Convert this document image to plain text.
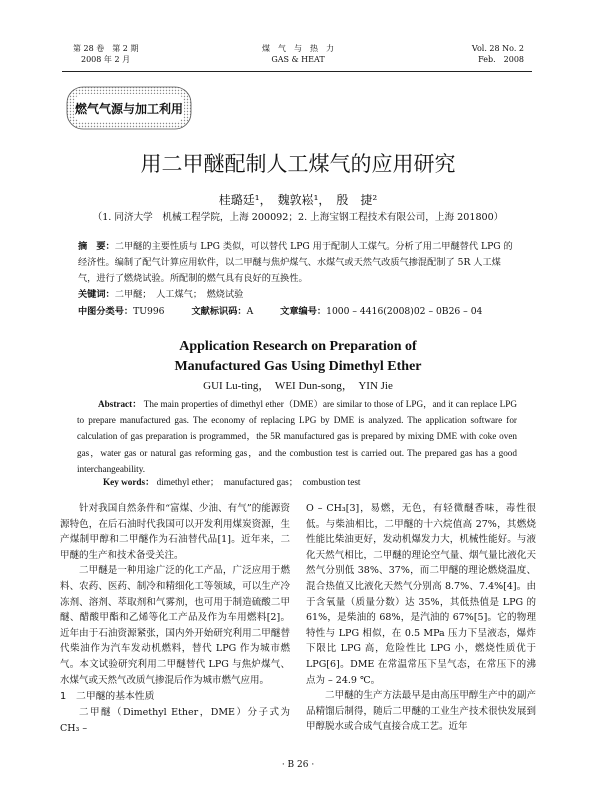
第 28 卷　第 2 期
2008 年 2 月
煤　气　与　热　力
GAS & HEAT
Vol. 28 No. 2
Feb.　2008
燃气气源与加工利用
用二甲醚配制人工煤气的应用研究
桂璐廷¹，　魏敦崧¹，　殷　捷²
（1. 同济大学　机械工程学院，上海 200092；2. 上海宝钢工程技术有限公司，上海 201800）
摘　要：二甲醚的主要性质与 LPG 类似，可以替代 LPG 用于配制人工煤气。分析了用二甲醚替代 LPG 的经济性。编制了配气计算应用软件，以二甲醚与焦炉煤气、水煤气或天然气改质气掺混配制了 5R 人工煤气，进行了燃烧试验。所配制的燃气具有良好的互换性。
关键词：二甲醚；　人工煤气；　燃烧试验
中图分类号：TU996	文献标识码：A	文章编号：1000 – 4416(2008)02 – 0B26 – 04
Application Research on Preparation of Manufactured Gas Using Dimethyl Ether
GUI Lu-ting，　WEI Dun-song，　YIN Jie
Abstract： The main properties of dimethyl ether（DME）are similar to those of LPG，and it can replace LPG to prepare manufactured gas. The economy of replacing LPG by DME is analyzed. The application software for calculation of gas preparation is programmed，the 5R manufactured gas is prepared by mixing DME with coke oven gas，water gas or natural gas reforming gas，and the combustion test is carried out. The prepared gas has a good interchangeability.
Key words： dimethyl ether；　manufactured gas；　combustion test

针对我国自然条件和“富煤、少油、有气”的能源资源特色，在后石油时代我国可以开发利用煤炭资源，生产煤制甲醇和二甲醚作为石油替代品[1]。近年来，二甲醚的生产和技术备受关注。

二甲醚是一种用途广泛的化工产品，广泛应用于燃料、农药、医药、制冷和精细化工等领域，可以生产冷冻剂、溶剂、萃取剂和气雾剂，也可用于制造硫酸二甲醚、醋酸甲酯和乙烯等化工产品及作为车用燃料[2]。近年由于石油资源紧张，国内外开始研究利用二甲醚替代柴油作为汽车发动机燃料，替代 LPG 作为城市燃气。本文试验研究利用二甲醚替代 LPG 与焦炉煤气、水煤气或天然气改质气掺混后作为城市燃气应用。

1　二甲醚的基本性质

二甲醚（Dimethyl Ether，DME）分子式为 CH₃ –

O – CH₃[3]，易燃，无色，有轻微醚香味，毒性很低。与柴油相比，二甲醚的十六烷值高 27%，其燃烧性能比柴油更好，发动机爆发力大，机械性能好。与液化天然气相比，二甲醚的理论空气量、烟气量比液化天然气分别低 38%、37%，而二甲醚的理论燃烧温度、混合热值又比液化天然气分别高 8.7%、7.4%[4]。由于含氧量（质量分数）达 35%，其低热值是 LPG 的 61%，是柴油的 68%，是汽油的 67%[5]。它的物理特性与 LPG 相似，在 0.5 MPa 压力下呈液态，爆炸下限比 LPG 高，危险性比 LPG 小，燃烧性质优于 LPG[6]。DME 在常温常压下呈气态，在常压下的沸点为 – 24.9 ℃。

二甲醚的生产方法最早是由高压甲醇生产中的副产品精馏后制得，随后二甲醚的工业生产技术很快发展到甲醇脱水或合成气直接合成工艺。近年

· B 26 ·
